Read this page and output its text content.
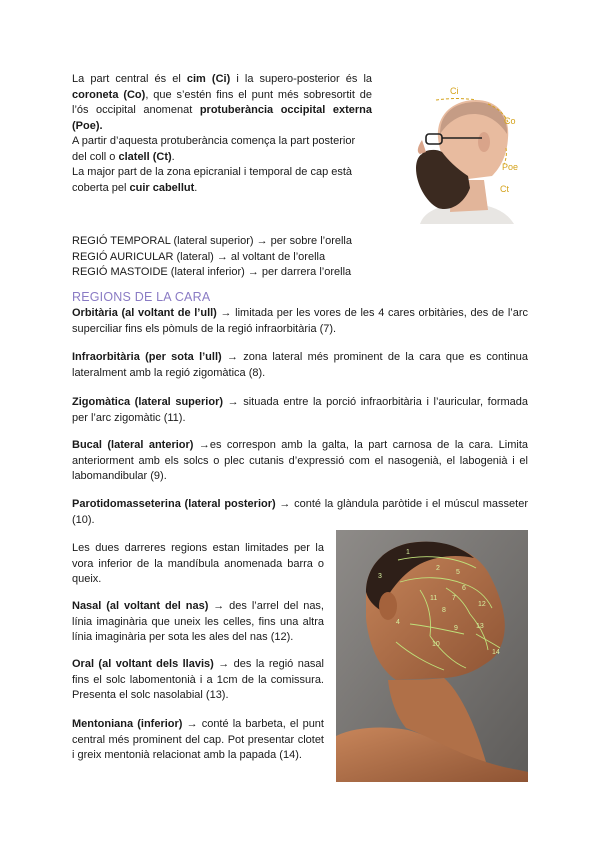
La part central és el cim (Ci) i la supero-posterior és la coroneta (Co), que s’estén fins el punt més sobresortit de l’ós occipital anomenat protuberància occipital externa (Poe).

A partir d’aquesta protuberància comença la part posterior del coll o clatell (Ct).

La major part de la zona epicranial i temporal de cap està coberta pel cuir cabellut.

Ci
Co
Poe
Ct

REGIÓ TEMPORAL (lateral superior) → per sobre l’orella

REGIÓ AURICULAR (lateral) → al voltant de l’orella

REGIÓ MASTOIDE (lateral inferior) → per darrera l’orella

REGIONS DE LA CARA

Orbitària (al voltant de l’ull) → limitada per les vores de les 4 cares orbitàries, des de l’arc superciliar fins els pòmuls de la regió infraorbitària (7).

Infraorbitària (per sota l’ull) → zona lateral més prominent de la cara que es continua lateralment amb la regió zigomàtica (8).

Zigomàtica (lateral superior) → situada entre la porció infraorbitària i l’auricular, formada per l’arc zigomàtic (11).

Bucal (lateral anterior) →es correspon amb la galta, la part carnosa de la cara. Limita anteriorment amb els solcs o plec cutanis d’expressió com el nasogenià, el labogenià i el labomandibular (9).

Parotidomasseterina (lateral posterior) → conté la glàndula paròtide i el múscul masseter (10).

Les dues darreres regions estan limitades per la vora inferior de la mandíbula anomenada barra o queix.

Nasal (al voltant del nas) → des l’arrel del nas, línia imaginària que uneix les celles, fins una altra línia imaginària per sota les ales del nas (12).

Oral (al voltant dels llavis) → des la regió nasal fins el solc labomentonià i a 1cm de la comissura. Presenta el solc nasolabial (13).

Mentoniana (inferior) → conté la barbeta, el punt central més prominent del cap. Pot presentar clotet i greix mentonià relacionat amb la papada (14).

1
2
3
4
5
6
7
8
9
10
11
12
13
14
